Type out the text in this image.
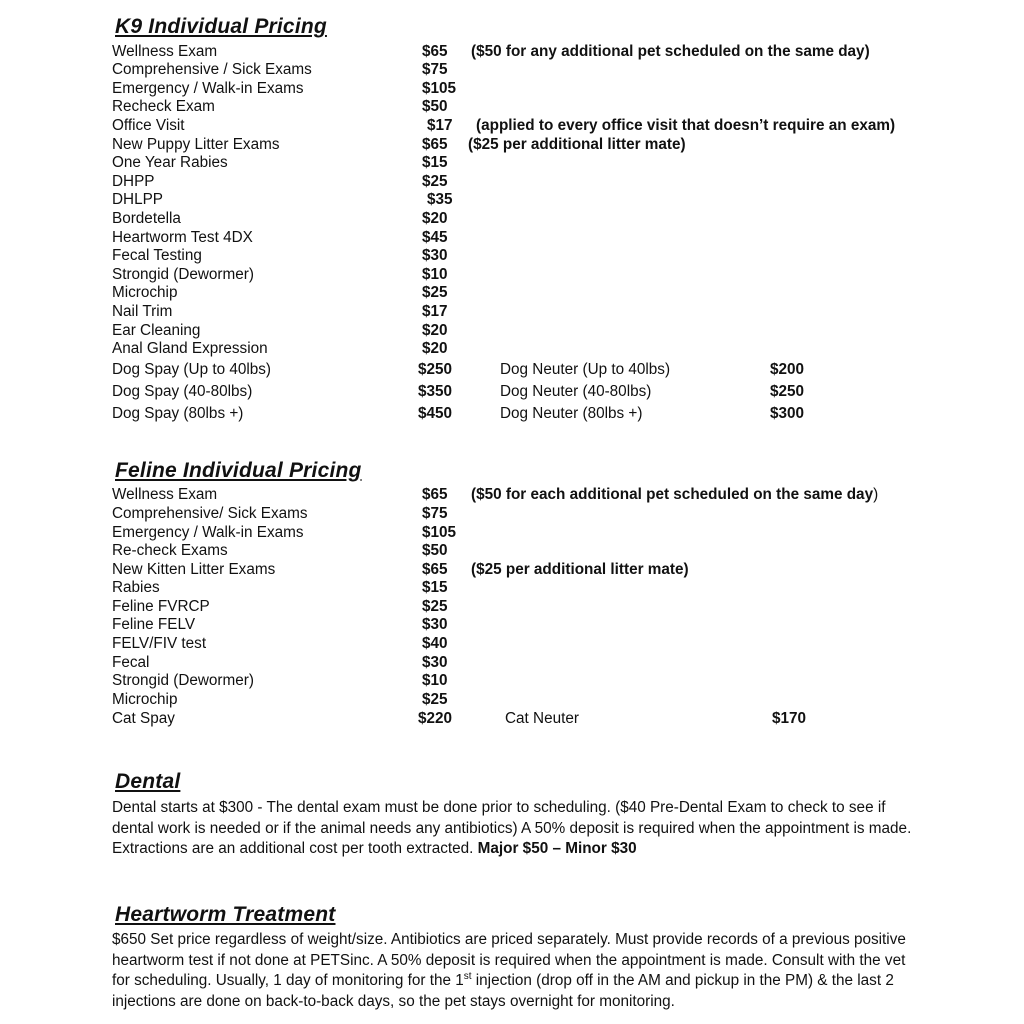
K9 Individual Pricing
Wellness Exam	$65	($50 for any additional pet scheduled on the same day)
Comprehensive / Sick Exams	$75
Emergency / Walk-in Exams	$105
Recheck Exam	$50
Office Visit	$17	(applied to every office visit that doesn’t require an exam)
New Puppy Litter Exams	$65	($25 per additional litter mate)
One Year Rabies	$15
DHPP	$25
DHLPP	$35
Bordetella	$20
Heartworm Test 4DX	$45
Fecal Testing	$30
Strongid (Dewormer)	$10
Microchip	$25
Nail Trim	$17
Ear Cleaning	$20
Anal Gland Expression	$20
Dog Spay (Up to 40lbs)	$250	Dog Neuter (Up to 40lbs)	$200
Dog Spay (40-80lbs)	$350	Dog Neuter (40-80lbs)	$250
Dog Spay (80lbs +)	$450	Dog Neuter (80lbs +)	$300
Feline Individual Pricing
Wellness Exam	$65	($50 for each additional pet scheduled on the same day)
Comprehensive/ Sick Exams	$75
Emergency / Walk-in Exams	$105
Re-check Exams	$50
New Kitten Litter Exams	$65	($25 per additional litter mate)
Rabies	$15
Feline FVRCP	$25
Feline FELV	$30
FELV/FIV test	$40
Fecal	$30
Strongid (Dewormer)	$10
Microchip	$25
Cat Spay	$220	Cat Neuter	$170
Dental

Dental starts at $300 - The dental exam must be done prior to scheduling. ($40 Pre-Dental Exam to check to see if dental work is needed or if the animal needs any antibiotics) A 50% deposit is required when the appointment is made. Extractions are an additional cost per tooth extracted. Major $50 – Minor $30

Heartworm Treatment

$650 Set price regardless of weight/size. Antibiotics are priced separately. Must provide records of a previous positive heartworm test if not done at PETSinc. A 50% deposit is required when the appointment is made. Consult with the vet for scheduling. Usually, 1 day of monitoring for the 1st injection (drop off in the AM and pickup in the PM) & the last 2 injections are done on back-to-back days, so the pet stays overnight for monitoring.
